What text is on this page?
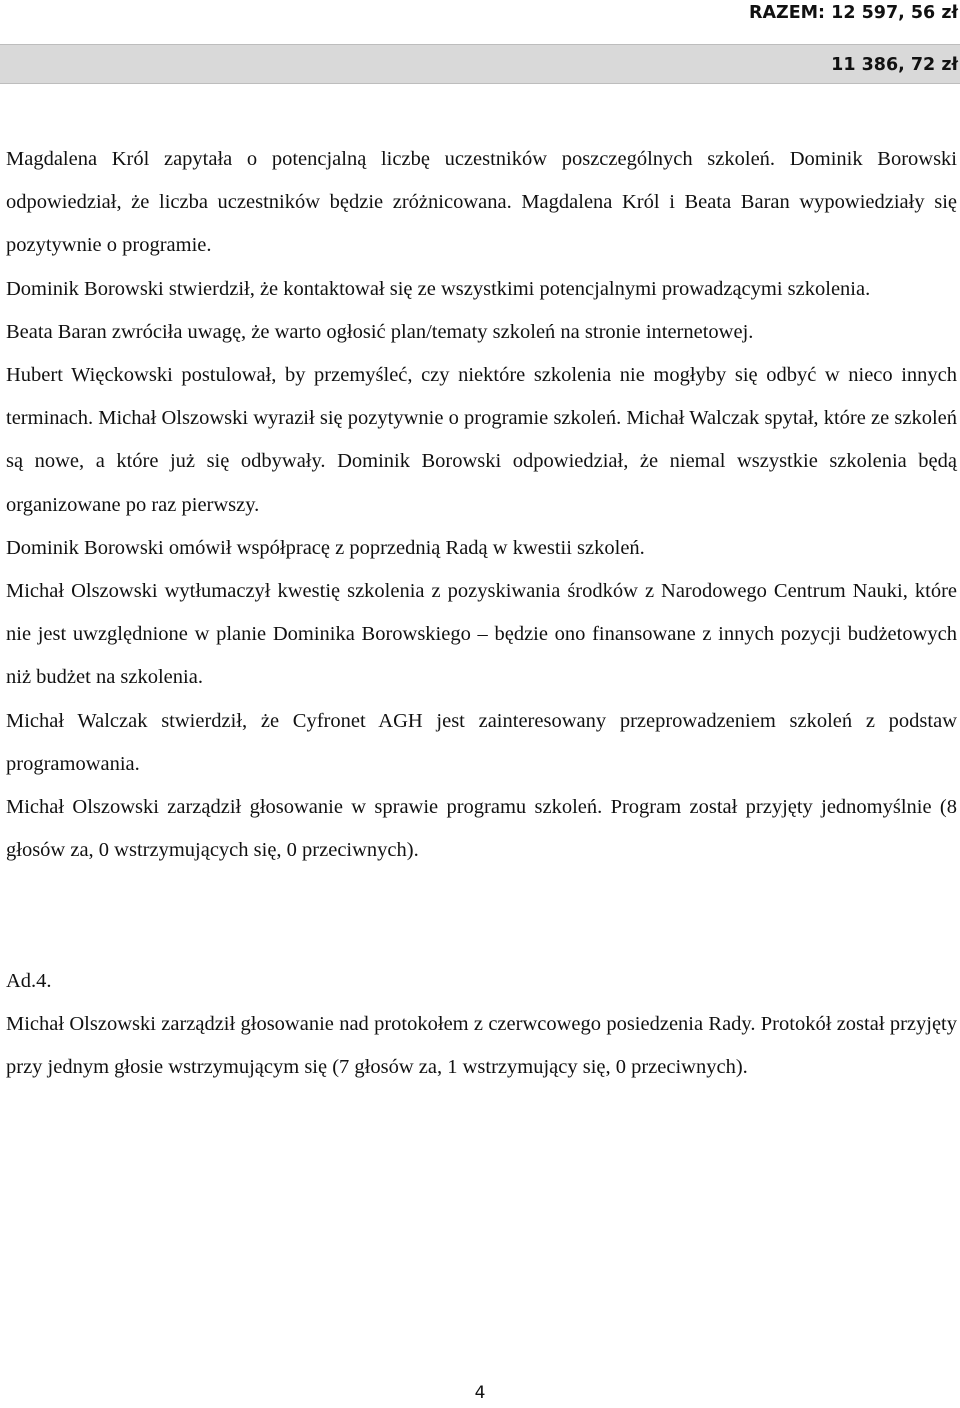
RAZEM: 12 597, 56 zł
11 386, 72 zł

Magdalena Król zapytała o potencjalną liczbę uczestników poszczególnych szkoleń. Dominik Borowski odpowiedział, że liczba uczestników będzie zróżnicowana. Magdalena Król i Beata Baran wypowiedziały się pozytywnie o programie.

Dominik Borowski stwierdził, że kontaktował się ze wszystkimi potencjalnymi prowadzącymi szkolenia.

Beata Baran zwróciła uwagę, że warto ogłosić plan/tematy szkoleń na stronie internetowej.

Hubert Więckowski postulował, by przemyśleć, czy niektóre szkolenia nie mogłyby się odbyć w nieco innych terminach. Michał Olszowski wyraził się pozytywnie o programie szkoleń. Michał Walczak spytał, które ze szkoleń są nowe, a które już się odbywały. Dominik Borowski odpowiedział, że niemal wszystkie szkolenia będą organizowane po raz pierwszy.

Dominik Borowski omówił współpracę z poprzednią Radą w kwestii szkoleń.

Michał Olszowski wytłumaczył kwestię szkolenia z pozyskiwania środków z Narodowego Centrum Nauki, które nie jest uwzględnione w planie Dominika Borowskiego – będzie ono finansowane z innych pozycji budżetowych niż budżet na szkolenia.

Michał Walczak stwierdził, że Cyfronet AGH jest zainteresowany przeprowadzeniem szkoleń z podstaw programowania.

Michał Olszowski zarządził głosowanie w sprawie programu szkoleń. Program został przyjęty jednomyślnie (8 głosów za, 0 wstrzymujących się, 0 przeciwnych).

Ad.4.

Michał Olszowski zarządził głosowanie nad protokołem z czerwcowego posiedzenia Rady. Protokół został przyjęty przy jednym głosie wstrzymującym się (7 głosów za, 1 wstrzymujący się, 0 przeciwnych).

4
